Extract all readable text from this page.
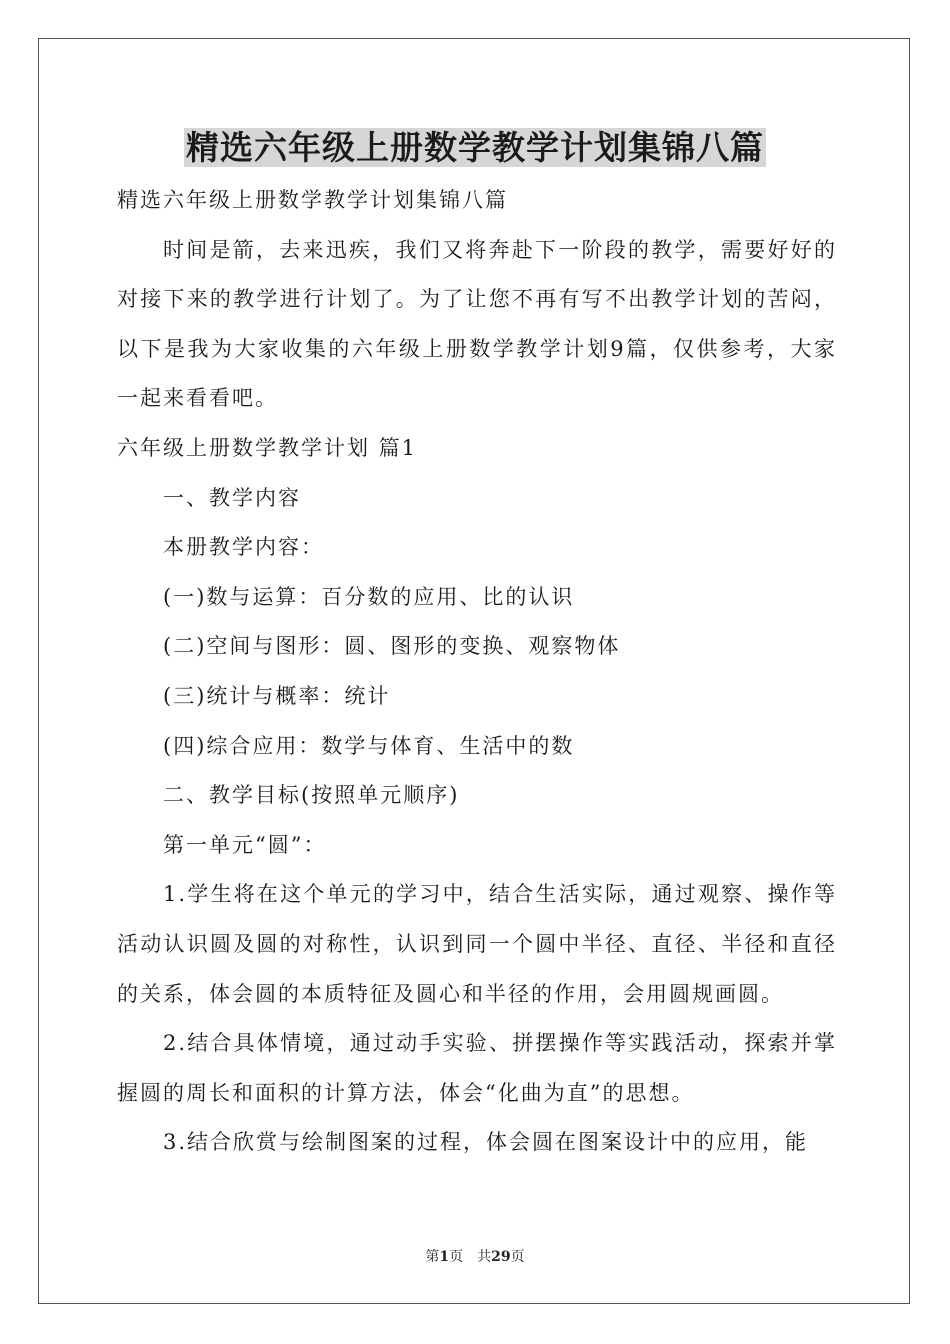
精选六年级上册数学教学计划集锦八篇

精选六年级上册数学教学计划集锦八篇

时间是箭，去来迅疾，我们又将奔赴下一阶段的教学，需要好好的对接下来的教学进行计划了。为了让您不再有写不出教学计划的苦闷，以下是我为大家收集的六年级上册数学教学计划9篇，仅供参考，大家一起来看看吧。

六年级上册数学教学计划 篇1

一、教学内容

本册教学内容：

(一)数与运算：百分数的应用、比的认识

(二)空间与图形：圆、图形的变换、观察物体

(三)统计与概率：统计

(四)综合应用：数学与体育、生活中的数

二、教学目标(按照单元顺序)

第一单元“圆”：

1.学生将在这个单元的学习中，结合生活实际，通过观察、操作等活动认识圆及圆的对称性，认识到同一个圆中半径、直径、半径和直径的关系，体会圆的本质特征及圆心和半径的作用，会用圆规画圆。

2.结合具体情境，通过动手实验、拼摆操作等实践活动，探索并掌握圆的周长和面积的计算方法，体会“化曲为直”的思想。

3.结合欣赏与绘制图案的过程，体会圆在图案设计中的应用，能

第1页　共29页
